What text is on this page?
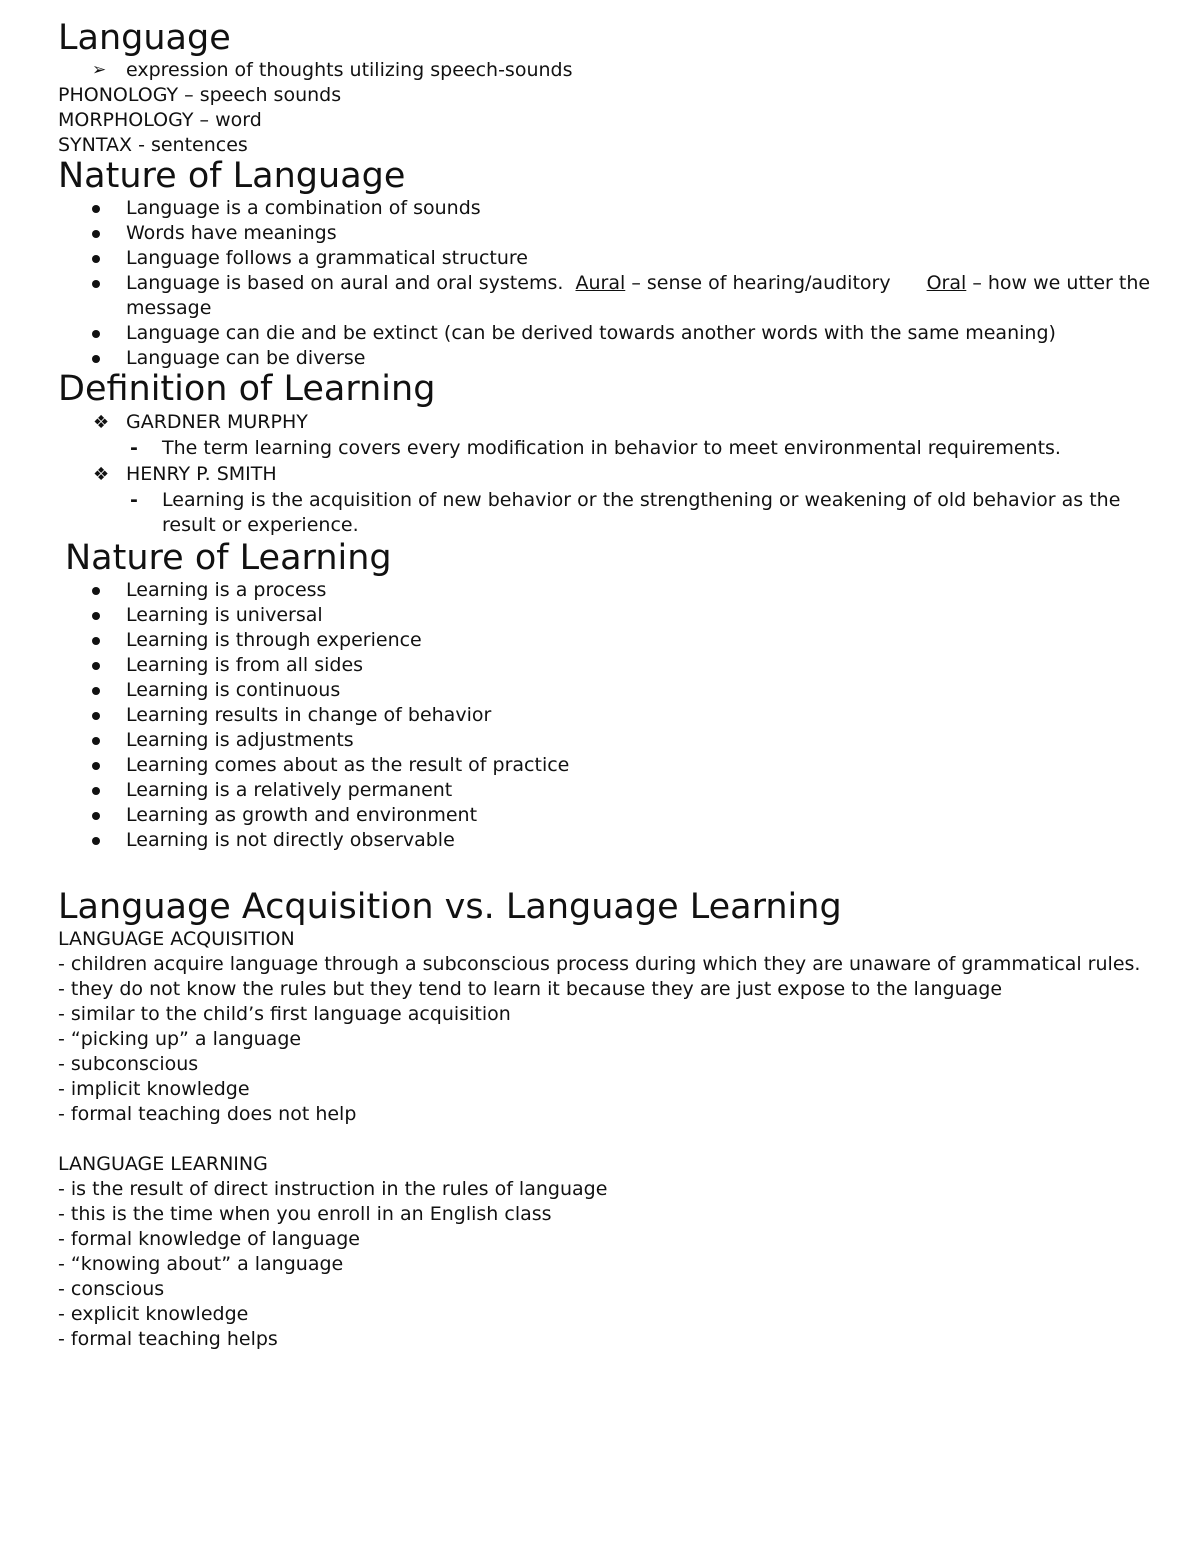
Language
➢ expression of thoughts utilizing speech-sounds
PHONOLOGY – speech sounds
MORPHOLOGY – word
SYNTAX - sentences
Nature of Language
Language is a combination of sounds
Words have meanings
Language follows a grammatical structure
Language is based on aural and oral systems. Aural – sense of hearing/auditory Oral – how we utter the message
Language can die and be extinct (can be derived towards another words with the same meaning)
Language can be diverse
Definition of Learning
❖ GARDNER MURPHY
- The term learning covers every modification in behavior to meet environmental requirements.
❖ HENRY P. SMITH
- Learning is the acquisition of new behavior or the strengthening or weakening of old behavior as the result or experience.
Nature of Learning
Learning is a process
Learning is universal
Learning is through experience
Learning is from all sides
Learning is continuous
Learning results in change of behavior
Learning is adjustments
Learning comes about as the result of practice
Learning is a relatively permanent
Learning as growth and environment
Learning is not directly observable
Language Acquisition vs. Language Learning
LANGUAGE ACQUISITION
- children acquire language through a subconscious process during which they are unaware of grammatical rules.
- they do not know the rules but they tend to learn it because they are just expose to the language
- similar to the child’s first language acquisition
- “picking up” a language
- subconscious
- implicit knowledge
- formal teaching does not help
LANGUAGE LEARNING
- is the result of direct instruction in the rules of language
- this is the time when you enroll in an English class
- formal knowledge of language
- “knowing about” a language
- conscious
- explicit knowledge
- formal teaching helps
